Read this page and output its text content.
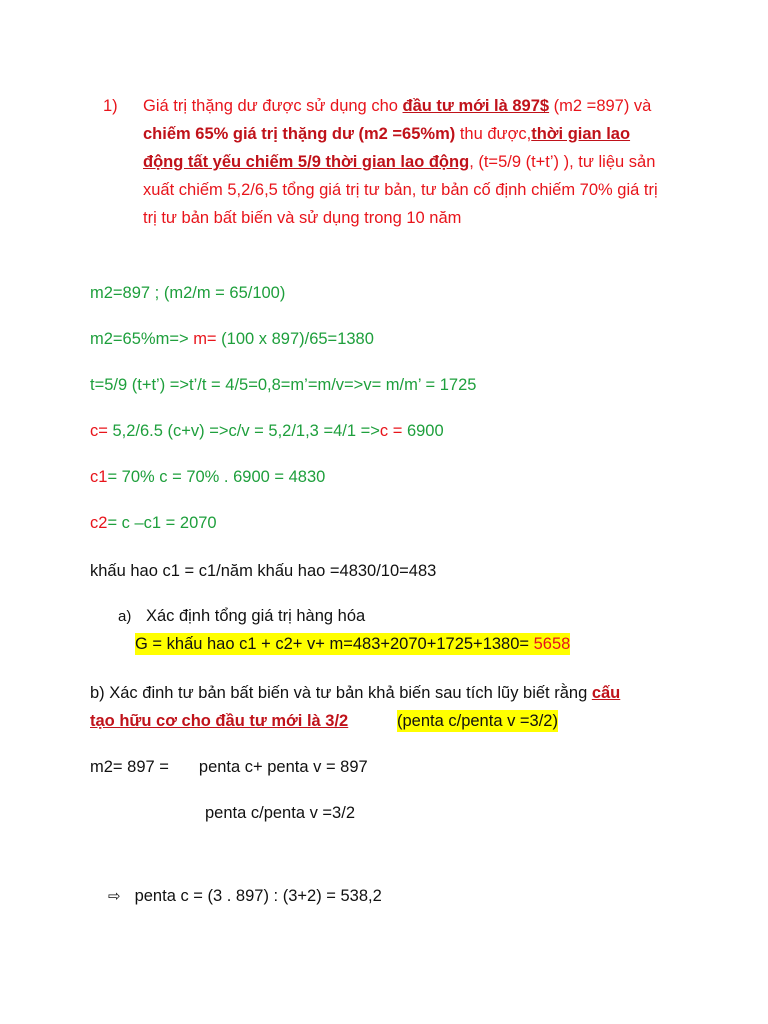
1) Giá trị thặng dư được sử dụng cho đầu tư mới là 897$ (m2 =897) và chiếm 65% giá trị thặng dư (m2 =65%m) thu được,thời gian lao động tất yếu chiếm 5/9 thời gian lao động, (t=5/9 (t+t’) ), tư liệu sản xuất chiếm 5,2/6,5 tổng giá trị tư bản, tư bản cố định chiếm 70% giá trị trị tư bản bất biến và sử dụng trong 10 năm
m2=897 ; (m2/m = 65/100)
m2=65%m=> m= (100 x 897)/65=1380
t=5/9 (t+t’) =>t’/t = 4/5=0,8=m’=m/v=>v= m/m’ = 1725
c= 5,2/6.5 (c+v) =>c/v = 5,2/1,3 =4/1 =>c = 6900
c1= 70% c = 70% . 6900 = 4830
c2= c –c1 = 2070
khấu hao c1 = c1/năm khấu hao =4830/10=483
a) Xác định tổng giá trị hàng hóa
G = khấu hao c1 + c2+ v+ m=483+2070+1725+1380= 5658
b) Xác đinh tư bản bất biến và tư bản khả biến sau tích lũy biết rằng cấu
tạo hữu cơ cho đầu tư mới là 3/2	(penta c/penta v =3/2)
m2= 897 = penta c+ penta v = 897
penta c/penta v =3/2
⇨ penta c = (3 . 897) : (3+2) = 538,2
